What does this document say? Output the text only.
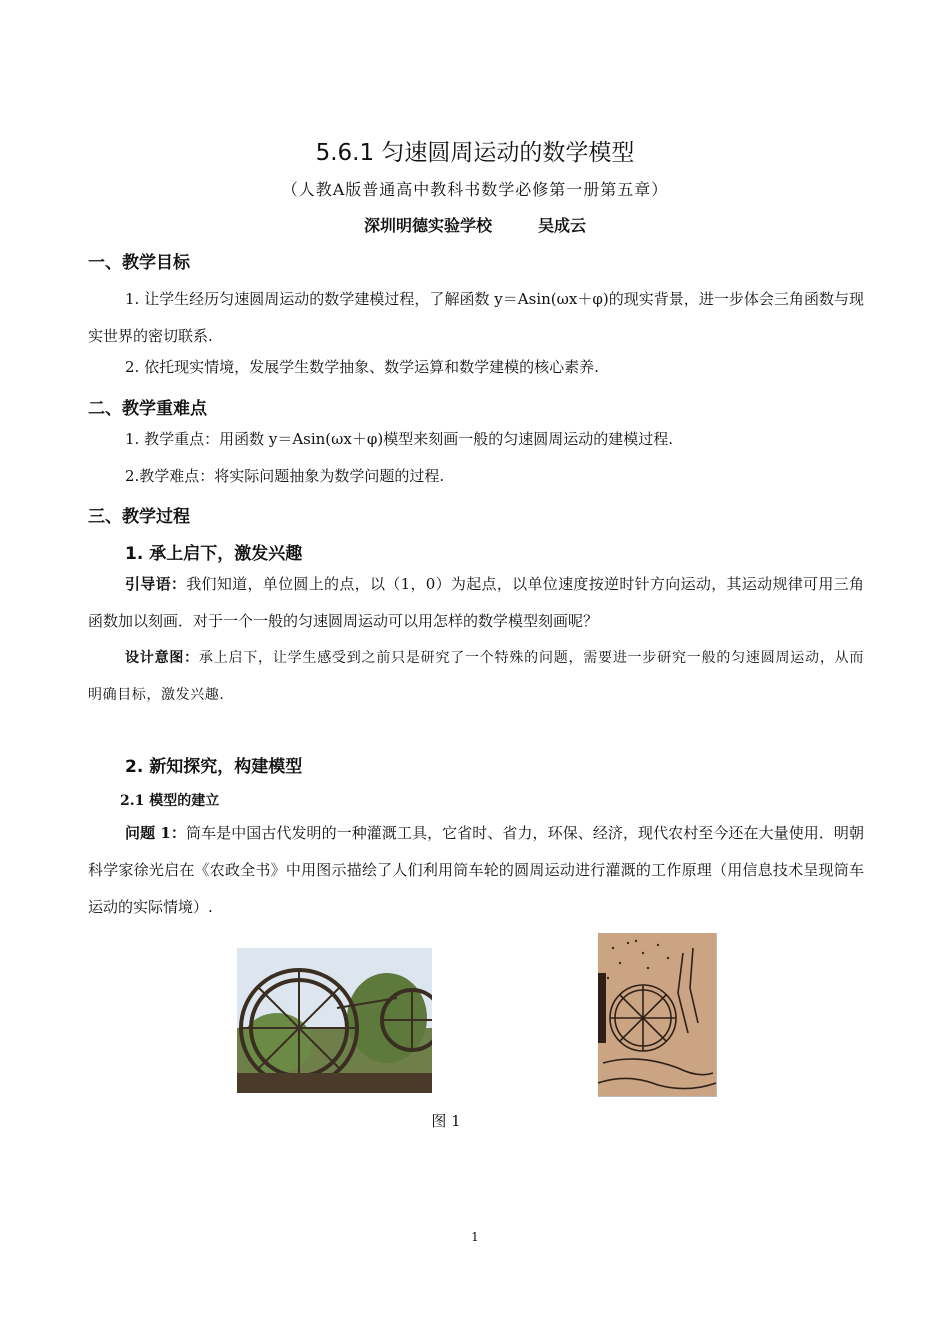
5.6.1 匀速圆周运动的数学模型
（人教A版普通高中教科书数学必修第一册第五章）
深圳明德实验学校	吴成云
一、教学目标
1. 让学生经历匀速圆周运动的数学建模过程，了解函数 y＝Asin(ωx＋φ)的现实背景，进一步体会三角函数与现实世界的密切联系.
2. 依托现实情境，发展学生数学抽象、数学运算和数学建模的核心素养.
二、教学重难点
1. 教学重点：用函数 y＝Asin(ωx＋φ)模型来刻画一般的匀速圆周运动的建模过程.
2.教学难点：将实际问题抽象为数学问题的过程.
三、教学过程
1. 承上启下，激发兴趣
引导语：我们知道，单位圆上的点，以（1，0）为起点，以单位速度按逆时针方向运动，其运动规律可用三角函数加以刻画．对于一个一般的匀速圆周运动可以用怎样的数学模型刻画呢？
设计意图：承上启下，让学生感受到之前只是研究了一个特殊的问题，需要进一步研究一般的匀速圆周运动，从而明确目标，激发兴趣.
2. 新知探究，构建模型
2.1 模型的建立
问题 1：筒车是中国古代发明的一种灌溉工具，它省时、省力，环保、经济，现代农村至今还在大量使用．明朝科学家徐光启在《农政全书》中用图示描绘了人们利用筒车轮的圆周运动进行灌溉的工作原理（用信息技术呈现筒车运动的实际情境）.
图 1
1
